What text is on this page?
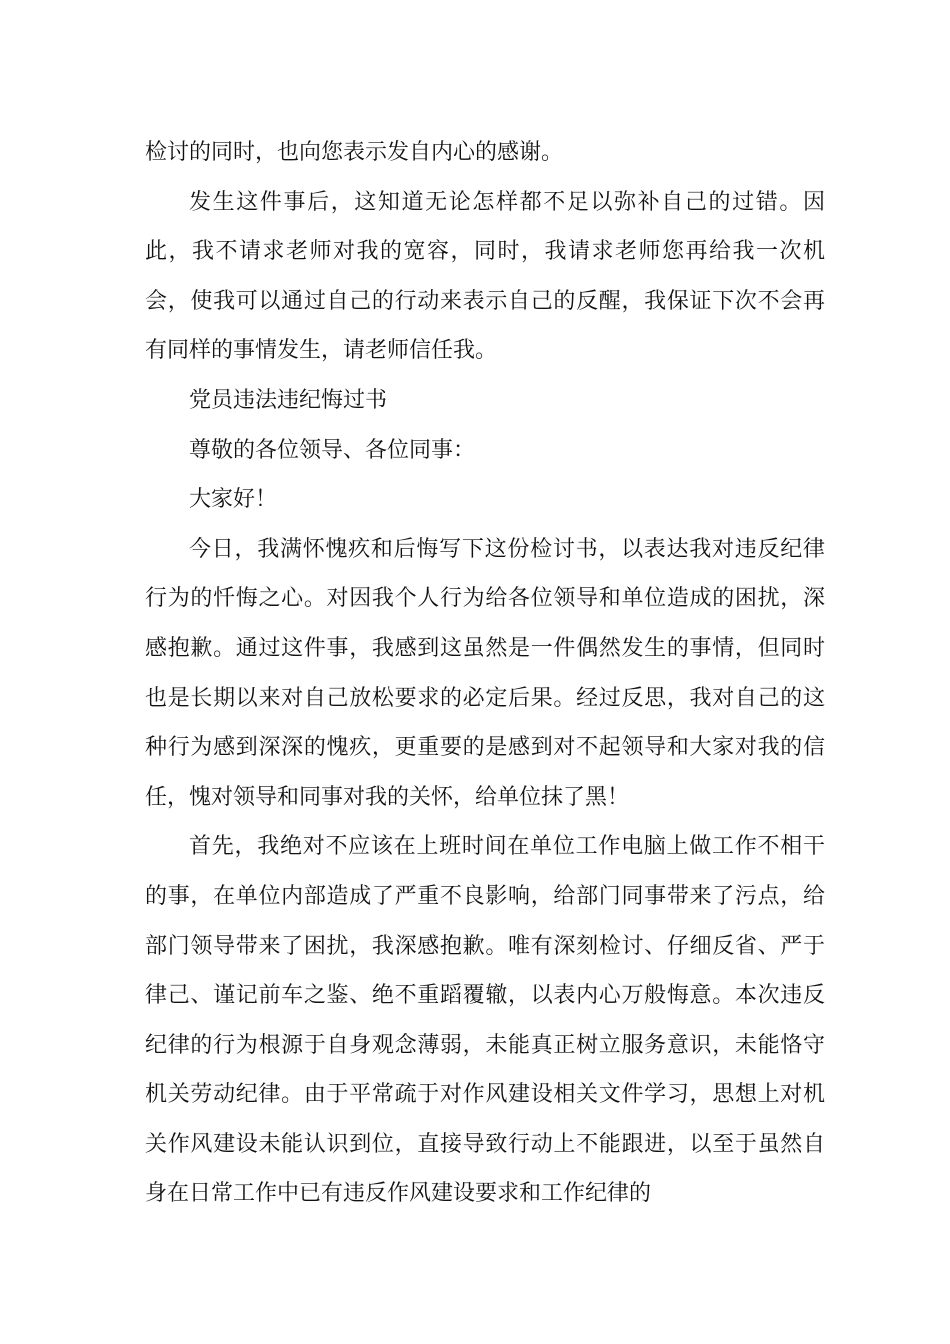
检讨的同时，也向您表示发自内心的感谢。

发生这件事后，这知道无论怎样都不足以弥补自己的过错。因此，我不请求老师对我的宽容，同时，我请求老师您再给我一次机会，使我可以通过自己的行动来表示自己的反醒，我保证下次不会再有同样的事情发生，请老师信任我。

党员违法违纪悔过书

尊敬的各位领导、各位同事：

大家好！

今日，我满怀愧疚和后悔写下这份检讨书，以表达我对违反纪律行为的忏悔之心。对因我个人行为给各位领导和单位造成的困扰，深感抱歉。通过这件事，我感到这虽然是一件偶然发生的事情，但同时也是长期以来对自己放松要求的必定后果。经过反思，我对自己的这种行为感到深深的愧疚，更重要的是感到对不起领导和大家对我的信任，愧对领导和同事对我的关怀，给单位抹了黑！

首先，我绝对不应该在上班时间在单位工作电脑上做工作不相干的事，在单位内部造成了严重不良影响，给部门同事带来了污点，给部门领导带来了困扰，我深感抱歉。唯有深刻检讨、仔细反省、严于律己、谨记前车之鉴、绝不重蹈覆辙，以表内心万般悔意。本次违反纪律的行为根源于自身观念薄弱，未能真正树立服务意识，未能恪守机关劳动纪律。由于平常疏于对作风建设相关文件学习，思想上对机关作风建设未能认识到位，直接导致行动上不能跟进，以至于虽然自身在日常工作中已有违反作风建设要求和工作纪律的
